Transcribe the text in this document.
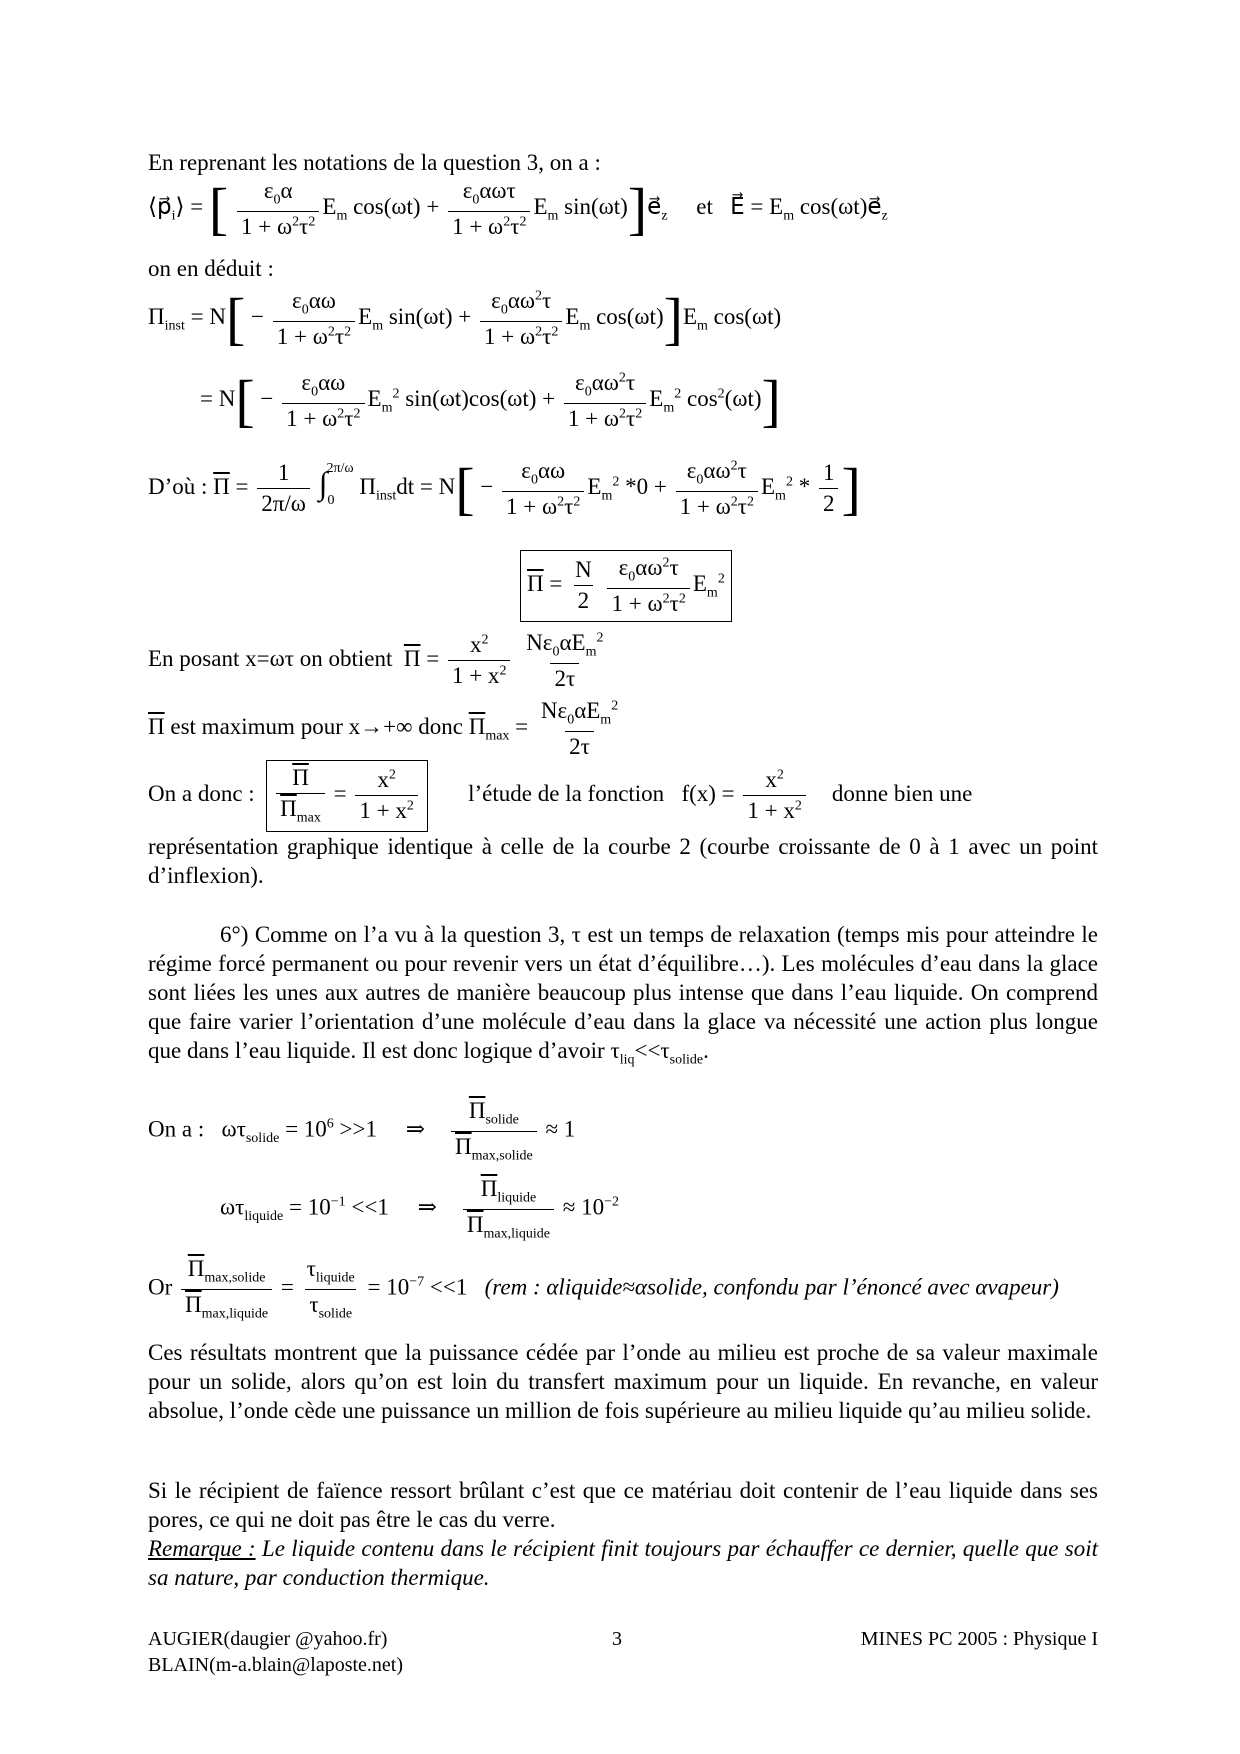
En reprenant les notations de la question 3, on a :
$⟨p⃗_i⟩$ = [ $\frac{\varepsilon_0\alpha}{1 + \omega^2\tau^2} E_m$ $\cos(\omega t) + \frac{\varepsilon_0\alpha\omega\tau}{1 + \omega^2\tau^2} E_m$ $\sin(\omega t)]e⃗_z$     et   E⃗ = $E_m$ $\cos(\omega t)e⃗_z$
on en déduit :
$\Pi_{inst} = N[ - \frac{\varepsilon_0\alpha\omega}{1 + \omega^2\tau^2} E_m$ $\sin(\omega t) + \frac{\varepsilon_0\alpha\omega^2\tau}{1 + \omega^2\tau^2} E_m$ $\cos(\omega t)]E_m$ cos(ωt)
= $N[ - \frac{\varepsilon_0\alpha\omega}{1 + \omega^2\tau^2} E_m^2$ $\sin(\omega t)\cos(\omega t) + \frac{\varepsilon_0\alpha\omega^2\tau}{1 + \omega^2\tau^2} E_m^2$ $\cos^2(\omega t)$]
D’où : $\overline{\Pi} = \frac{1}{2\pi/\omega} \int_0^{2\pi/\omega}$ $\Pi_{inst}dt = N[ - \frac{\varepsilon_0\alpha\omega}{1 + \omega^2\tau^2} E_m^2$ $*0 + \frac{\varepsilon_0\alpha\omega^2\tau}{1 + \omega^2\tau^2} E_m^2 * \frac{1}{2}$ ]
$\overline{\Pi} = \frac{N}{2}$
$\frac{\varepsilon_0\alpha\omega^2\tau}{1 + \omega^2\tau^2} E_m^2$
En posant x=ωτ on obtient $\overline{\Pi} = \frac{x^2}{1 + x^2}$
$\frac{N\varepsilon_0\alpha E_m^2}{2\tau}$
$\overline{\Pi}$ est maximum pour x→+∞ donc $\overline{\Pi}_{max} = \frac{N\varepsilon_0\alpha E_m^2}{2\tau}$
On a donc : $\frac{\overline{\Pi}}{\overline{\Pi}_{max}} = \frac{x^2}{1 + x^2}$ l’étude de la fonction   $f(x) = \frac{x^2}{1 + x^2}$ donne bien une
représentation graphique identique à celle de la courbe 2 (courbe croissante de 0 à 1 avec un point d’inflexion).
6°) Comme on l’a vu à la question 3, τ est un temps de relaxation (temps mis pour atteindre le régime forcé permanent ou pour revenir vers un état d’équilibre…). Les molécules d’eau dans la glace sont liées les unes aux autres de manière beaucoup plus intense que dans l’eau liquide. On comprend que faire varier l’orientation d’une molécule d’eau dans la glace va nécessité une action plus longue que dans l’eau liquide. Il est donc logique d’avoir $\tau_{liq}<<\tau_{solide}$.
On a :   $\omega\tau_{solide} = 10^6 >>1$     ⇒ $\frac{\overline{\Pi}_{solide}}{\overline{\Pi}_{max,solide}} \approx 1$
$\omega\tau_{liquide} = 10^{-1} <<1$     ⇒ $\frac{\overline{\Pi}_{liquide}}{\overline{\Pi}_{max,liquide}} \approx 10^{-2}$
Or $\frac{\overline{\Pi}_{max,solide}}{\overline{\Pi}_{max,liquide}} = \frac{\tau_{liquide}}{\tau_{solide}} = 10^{-7} <<1$   (rem : αliquide≈αsolide, confondu par l’énoncé avec αvapeur)
Ces résultats montrent que la puissance cédée par l’onde au milieu est proche de sa valeur maximale pour un solide, alors qu’on est loin du transfert maximum pour un liquide. En revanche, en valeur absolue, l’onde cède une puissance un million de fois supérieure au milieu liquide qu’au milieu solide.
Si le récipient de faïence ressort brûlant c’est que ce matériau doit contenir de l’eau liquide dans ses pores, ce qui ne doit pas être le cas du verre.
Remarque : Le liquide contenu dans le récipient finit toujours par échauffer ce dernier, quelle que soit sa nature, par conduction thermique.
AUGIER(daugier @yahoo.fr)
BLAIN(m-a.blain@laposte.net)
3	MINES PC 2005 : Physique I
